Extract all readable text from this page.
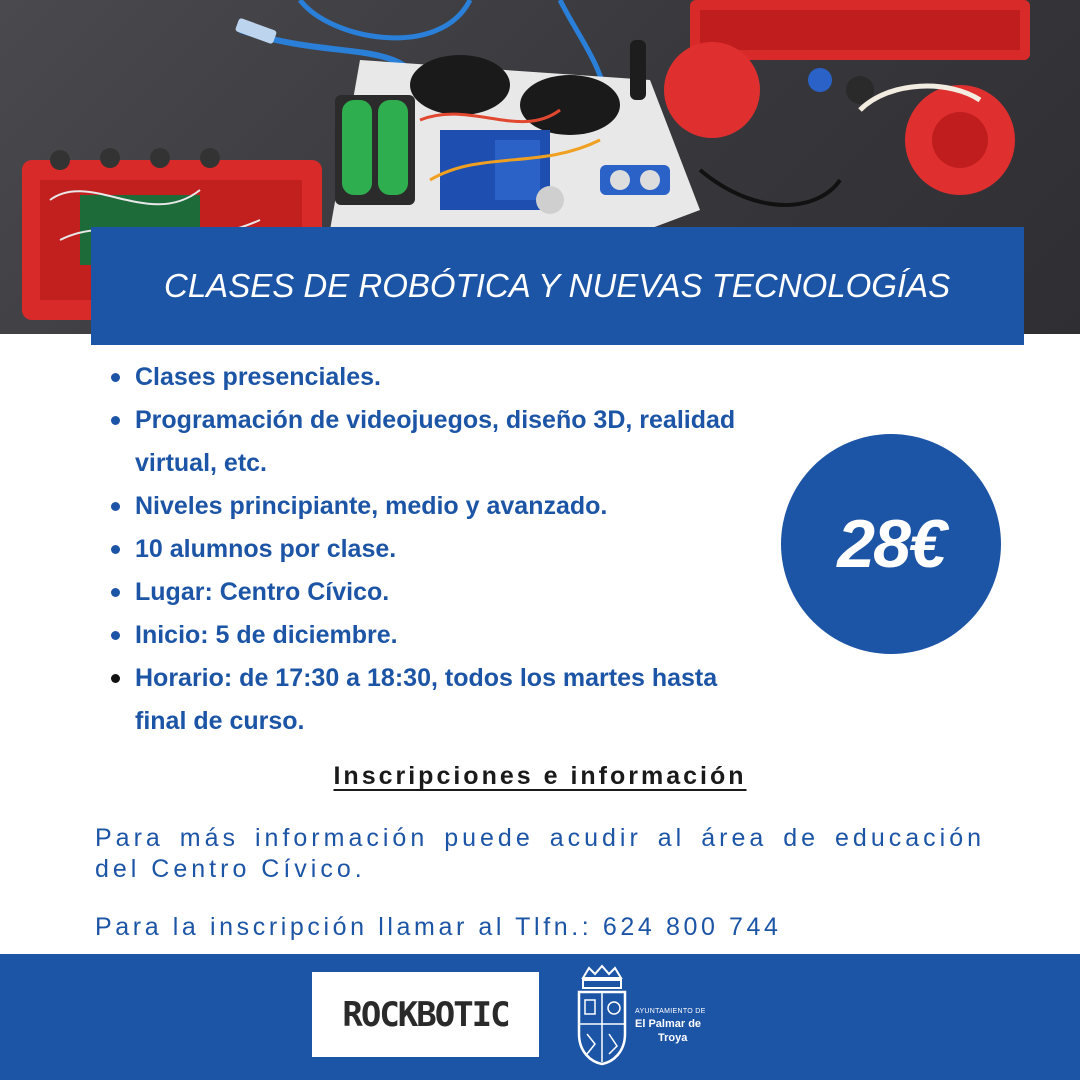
CLASES DE ROBÓTICA Y NUEVAS TECNOLOGÍAS
Clases presenciales.
Programación de videojuegos, diseño 3D, realidad virtual, etc.
Niveles principiante, medio y avanzado.
10 alumnos por clase.
Lugar: Centro Cívico.
Inicio: 5 de diciembre.
Horario: de 17:30 a 18:30, todos los martes hasta final de curso.
28€
Inscripciones e información
Para más información puede acudir al área de educación del Centro Cívico.
Para la inscripción llamar al Tlfn.: 624 800 744
ROCKBOTIC	AYUNTAMIENTO DE
El Palmar de
Troya
